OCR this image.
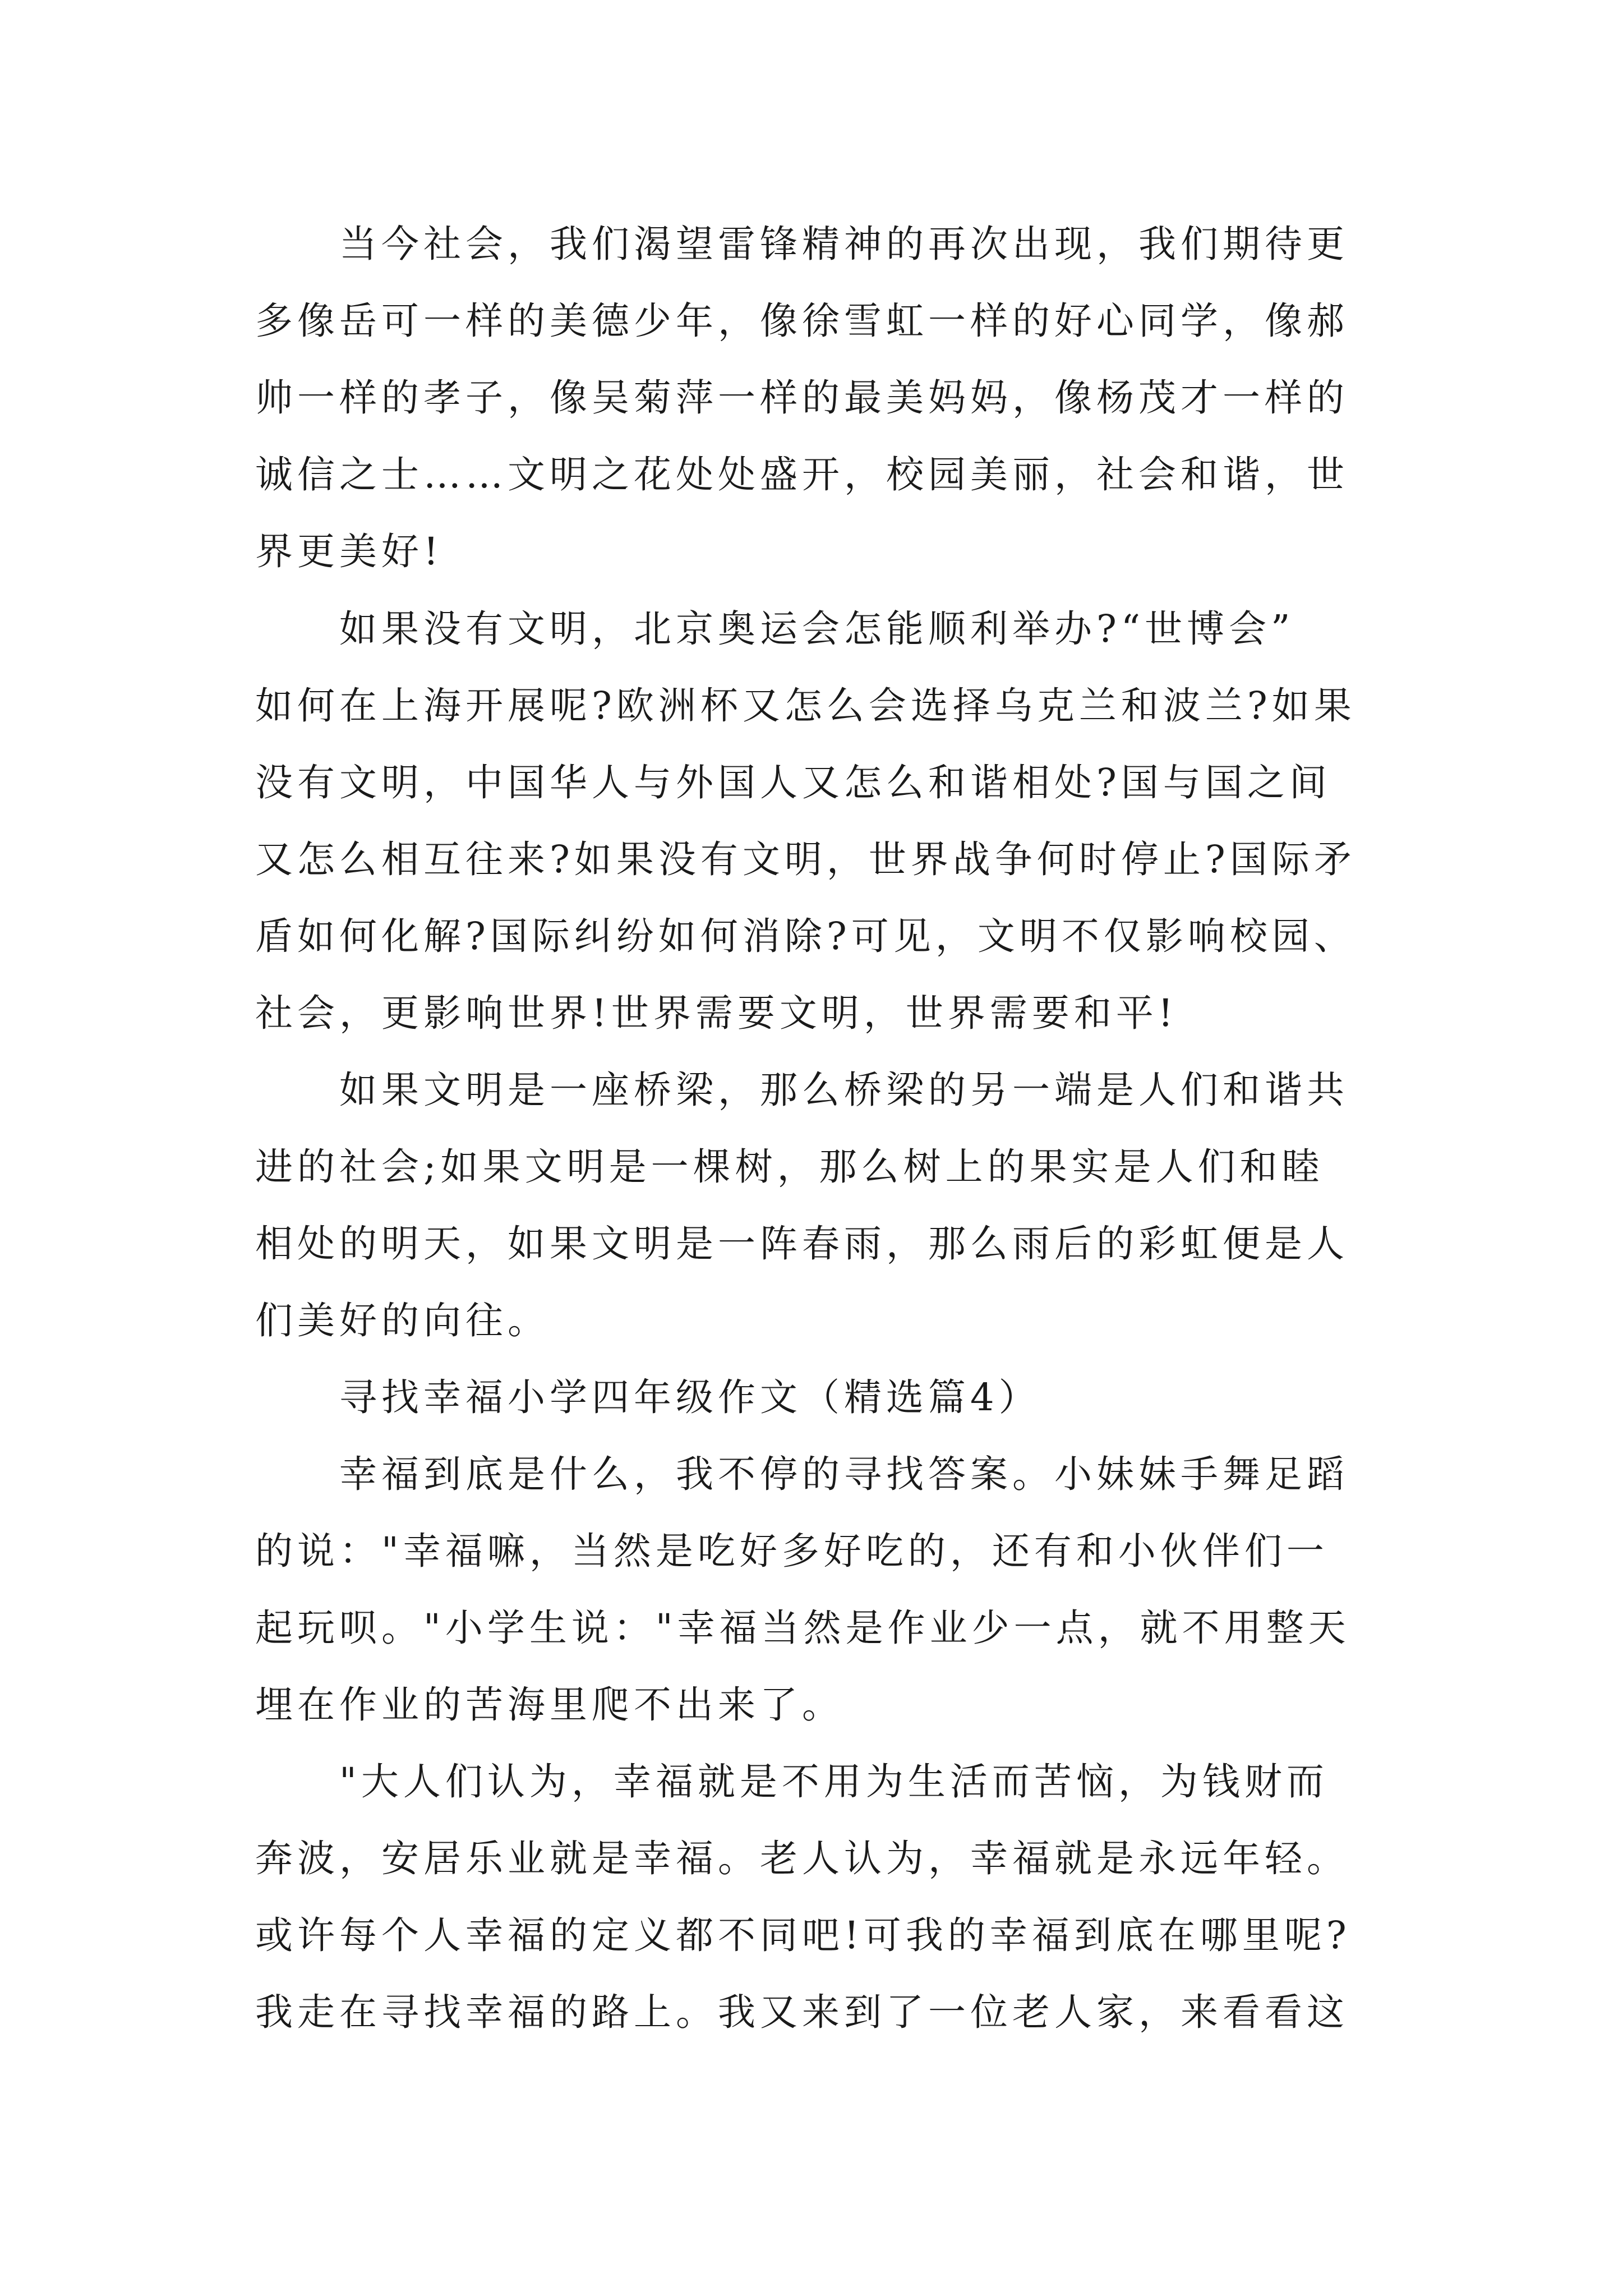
当今社会，我们渴望雷锋精神的再次出现，我们期待更
多像岳可一样的美德少年，像徐雪虹一样的好心同学，像郝
帅一样的孝子，像吴菊萍一样的最美妈妈，像杨茂才一样的
诚信之士……文明之花处处盛开，校园美丽，社会和谐，世
界更美好!
如果没有文明，北京奥运会怎能顺利举办?“世博会”
如何在上海开展呢?欧洲杯又怎么会选择乌克兰和波兰?如果
没有文明，中国华人与外国人又怎么和谐相处?国与国之间
又怎么相互往来?如果没有文明，世界战争何时停止?国际矛
盾如何化解?国际纠纷如何消除?可见，文明不仅影响校园、
社会，更影响世界!世界需要文明，世界需要和平!
如果文明是一座桥梁，那么桥梁的另一端是人们和谐共
进的社会;如果文明是一棵树，那么树上的果实是人们和睦
相处的明天，如果文明是一阵春雨，那么雨后的彩虹便是人
们美好的向往。
寻找幸福小学四年级作文（精选篇4）
幸福到底是什么，我不停的寻找答案。小妹妹手舞足蹈
的说："幸福嘛，当然是吃好多好吃的，还有和小伙伴们一
起玩呗。"小学生说："幸福当然是作业少一点，就不用整天
埋在作业的苦海里爬不出来了。
"大人们认为，幸福就是不用为生活而苦恼，为钱财而
奔波，安居乐业就是幸福。老人认为，幸福就是永远年轻。
或许每个人幸福的定义都不同吧!可我的幸福到底在哪里呢?
我走在寻找幸福的路上。我又来到了一位老人家，来看看这
